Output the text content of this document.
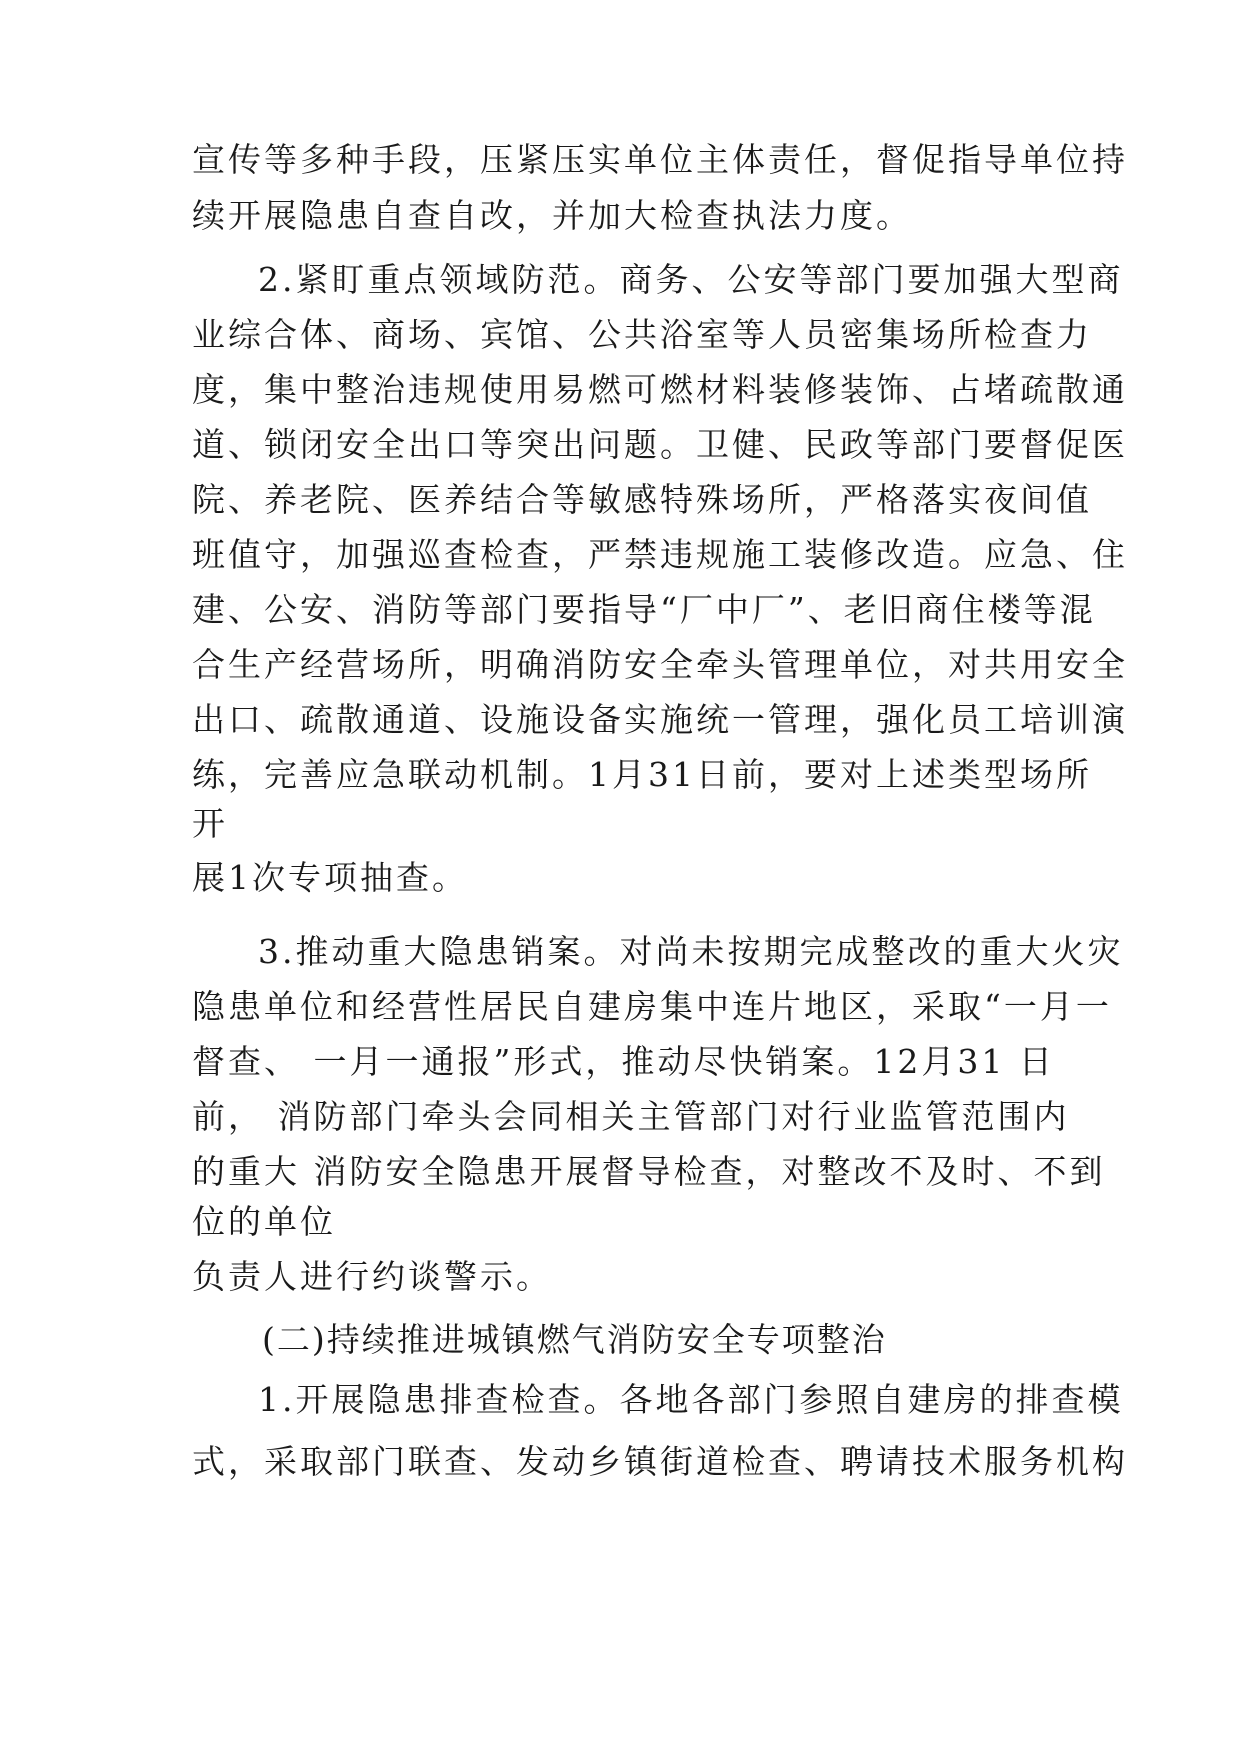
宣传等多种手段，压紧压实单位主体责任，督促指导单位持
续开展隐患自查自改，并加大检查执法力度。
2.紧盯重点领域防范。商务、公安等部门要加强大型商
业综合体、商场、宾馆、公共浴室等人员密集场所检查力
度，集中整治违规使用易燃可燃材料装修装饰、占堵疏散通
道、锁闭安全出口等突出问题。卫健、民政等部门要督促医
院、养老院、医养结合等敏感特殊场所，严格落实夜间值
班值守，加强巡查检查，严禁违规施工装修改造。应急、住
建、公安、消防等部门要指导“厂中厂”、老旧商住楼等混
合生产经营场所，明确消防安全牵头管理单位，对共用安全
出口、疏散通道、设施设备实施统一管理，强化员工培训演
练，完善应急联动机制。1月31日前，要对上述类型场所
开
展1次专项抽查。
3.推动重大隐患销案。对尚未按期完成整改的重大火灾
隐患单位和经营性居民自建房集中连片地区，采取“一月一
督查、 一月一通报”形式，推动尽快销案。12月31 日
前， 消防部门牵头会同相关主管部门对行业监管范围内
的重大 消防安全隐患开展督导检查，对整改不及时、不到
位的单位
负责人进行约谈警示。
(二)持续推进城镇燃气消防安全专项整治
1.开展隐患排查检查。各地各部门参照自建房的排查模
式，采取部门联查、发动乡镇街道检查、聘请技术服务机构
